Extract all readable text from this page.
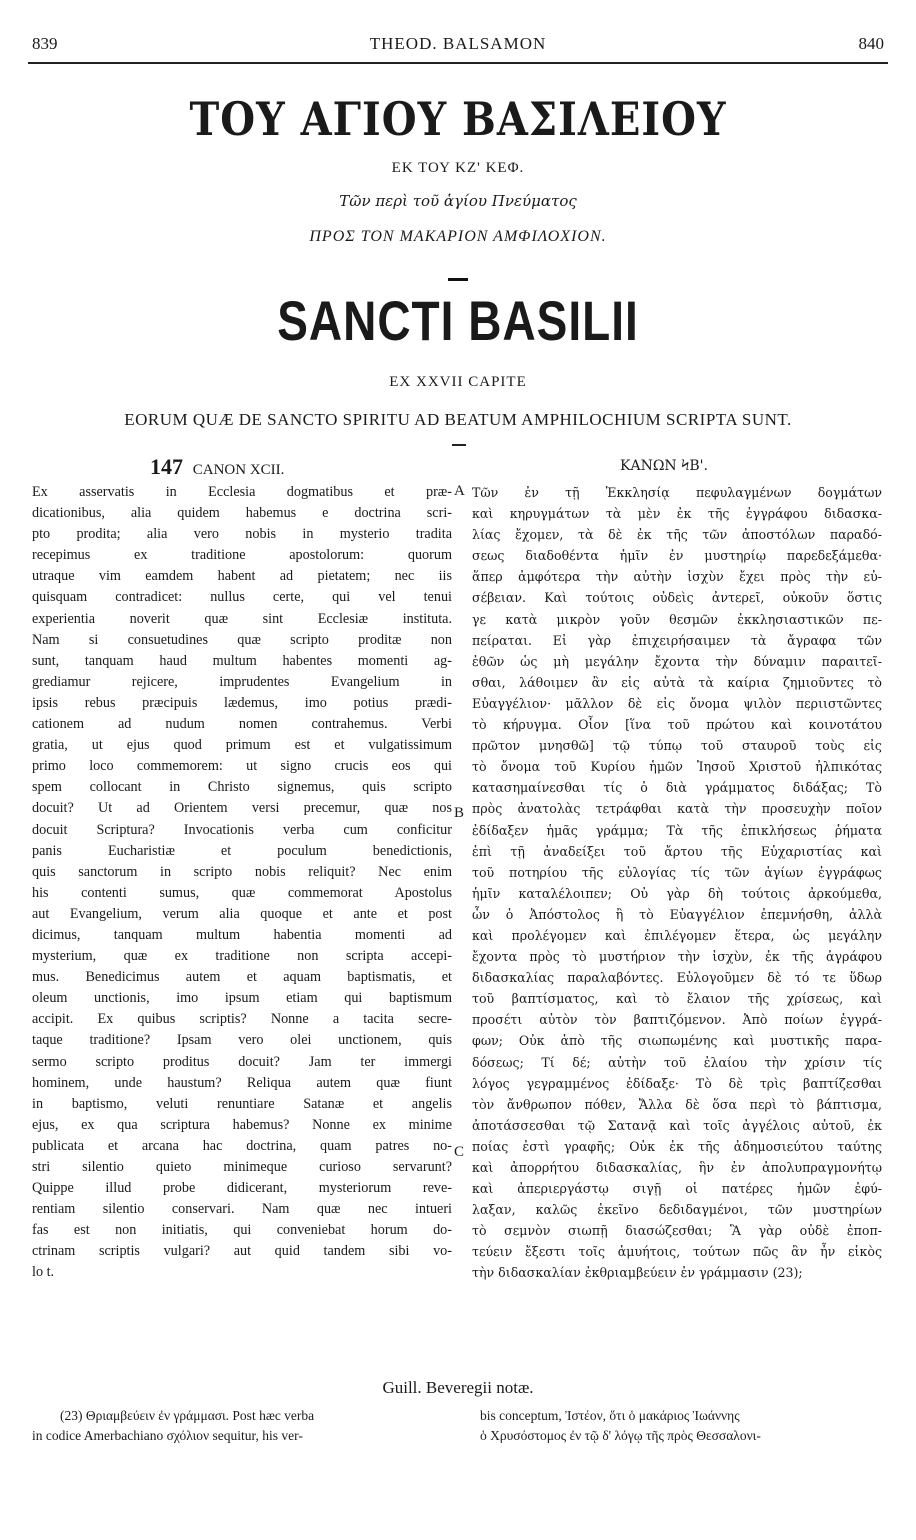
839	THEOD. BALSAMON	840
ΤΟΥ ΑΓΙΟΥ ΒΑΣΙΛΕΙΟΥ
ΕΚ ΤΟΥ ΚΖ' ΚΕΦ.
Τῶν περὶ τοῦ ἁγίου Πνεύματος
ΠΡΟΣ ΤΟΝ ΜΑΚΑΡΙΟΝ ΑΜΦΙΛΟΧΙΟΝ.
SANCTI BASILII
EX XXVII CAPITE
EORUM QUÆ DE SANCTO SPIRITU AD BEATUM AMPHILOCHIUM SCRIPTA SUNT.
147 CANON XCII.	ΚΑΝΩΝ ϞΒ'.
Ex asservatis in Ecclesia dogmatibus et præ-
dicationibus, alia quidem habemus e doctrina scri-
pto prodita; alia vero nobis in mysterio tradita
recepimus ex traditione apostolorum: quorum
utraque vim eamdem habent ad pietatem; nec iis
quisquam contradicet: nullus certe, qui vel tenui
experientia noverit quæ sint Ecclesiæ instituta.
Nam si consuetudines quæ scripto proditæ non
sunt, tanquam haud multum habentes momenti ag-
grediamur rejicere, imprudentes Evangelium in
ipsis rebus præcipuis lædemus, imo potius prædi-
cationem ad nudum nomen contrahemus. Verbi
gratia, ut ejus quod primum est et vulgatissimum
primo loco commemorem: ut signo crucis eos qui
spem collocant in Christo signemus, quis scripto
docuit? Ut ad Orientem versi precemur, quæ nos
docuit Scriptura? Invocationis verba cum conficitur
panis Eucharistiæ et poculum benedictionis,
quis sanctorum in scripto nobis reliquit? Nec enim
his contenti sumus, quæ commemorat Apostolus
aut Evangelium, verum alia quoque et ante et post
dicimus, tanquam multum habentia momenti ad
mysterium, quæ ex traditione non scripta accepi-
mus. Benedicimus autem et aquam baptismatis, et
oleum unctionis, imo ipsum etiam qui baptismum
accipit. Ex quibus scriptis? Nonne a tacita secre-
taque traditione? Ipsam vero olei unctionem, quis
sermo scripto proditus docuit? Jam ter immergi
hominem, unde haustum? Reliqua autem quæ fiunt
in baptismo, veluti renuntiare Satanæ et angelis
ejus, ex qua scriptura habemus? Nonne ex minime
publicata et arcana hac doctrina, quam patres no-
stri silentio quieto minimeque curioso servarunt?
Quippe illud probe didicerant, mysteriorum reve-
rentiam silentio conservari. Nam quæ nec intueri
fas est non initiatis, qui conveniebat horum do-
ctrinam scriptis vulgari? aut quid tandem sibi vo-
lo t.
Τῶν ἐν τῇ Ἐκκλησίᾳ πεφυλαγμένων δογμάτων
καὶ κηρυγμάτων τὰ μὲν ἐκ τῆς ἐγγράφου διδασκα-
λίας ἔχομεν, τὰ δὲ ἐκ τῆς τῶν ἀποστόλων παραδό-
σεως διαδοθέντα ἡμῖν ἐν μυστηρίῳ παρεδεξάμεθα·
ἅπερ ἀμφότερα τὴν αὐτὴν ἰσχὺν ἔχει πρὸς τὴν εὐ-
σέβειαν. Καὶ τούτοις οὐδεὶς ἀντερεῖ, οὐκοῦν ὅστις
γε κατὰ μικρὸν γοῦν θεσμῶν ἐκκλησιαστικῶν πε-
πείραται. Εἰ γὰρ ἐπιχειρήσαιμεν τὰ ἄγραφα τῶν
ἐθῶν ὡς μὴ μεγάλην ἔχοντα τὴν δύναμιν παραιτεῖ-
σθαι, λάθοιμεν ἂν εἰς αὐτὰ τὰ καίρια ζημιοῦντες τὸ
Εὐαγγέλιον· μᾶλλον δὲ εἰς ὄνομα ψιλὸν περιιστῶντες
τὸ κήρυγμα. Οἷον [ἵνα τοῦ πρώτου καὶ κοινοτάτου
πρῶτον μνησθῶ] τῷ τύπῳ τοῦ σταυροῦ τοὺς εἰς
τὸ ὄνομα τοῦ Κυρίου ἡμῶν Ἰησοῦ Χριστοῦ ἠλπικότας
κατασημαίνεσθαι τίς ὁ διὰ γράμματος διδάξας; Τὸ
πρὸς ἀνατολὰς τετράφθαι κατὰ τὴν προσευχὴν ποῖον
ἐδίδαξεν ἡμᾶς γράμμα; Τὰ τῆς ἐπικλήσεως ῥήματα
ἐπὶ τῇ ἀναδείξει τοῦ ἄρτου τῆς Εὐχαριστίας καὶ
τοῦ ποτηρίου τῆς εὐλογίας τίς τῶν ἁγίων ἐγγράφως
ἡμῖν καταλέλοιπεν; Οὐ γὰρ δὴ τούτοις ἀρκούμεθα,
ὧν ὁ Ἀπόστολος ἢ τὸ Εὐαγγέλιον ἐπεμνήσθη, ἀλλὰ
καὶ προλέγομεν καὶ ἐπιλέγομεν ἕτερα, ὡς μεγάλην
ἔχοντα πρὸς τὸ μυστήριον τὴν ἰσχὺν, ἐκ τῆς ἀγράφου
διδασκαλίας παραλαβόντες. Εὐλογοῦμεν δὲ τό τε ὕδωρ
τοῦ βαπτίσματος, καὶ τὸ ἔλαιον τῆς χρίσεως, καὶ
προσέτι αὐτὸν τὸν βαπτιζόμενον. Ἀπὸ ποίων ἐγγρά-
φων; Οὐκ ἀπὸ τῆς σιωπωμένης καὶ μυστικῆς παρα-
δόσεως; Τί δέ; αὐτὴν τοῦ ἐλαίου τὴν χρίσιν τίς
λόγος γεγραμμένος ἐδίδαξε· Τὸ δὲ τρὶς βαπτίζεσθαι
τὸν ἄνθρωπον πόθεν, Ἄλλα δὲ ὅσα περὶ τὸ βάπτισμα,
ἀποτάσσεσθαι τῷ Σατανᾷ καὶ τοῖς ἀγγέλοις αὐτοῦ, ἐκ
ποίας ἐστὶ γραφῆς; Οὐκ ἐκ τῆς ἀδημοσιεύτου ταύτης
καὶ ἀπορρήτου διδασκαλίας, ἣν ἐν ἀπολυπραγμονήτῳ
καὶ ἀπεριεργάστῳ σιγῇ οἱ πατέρες ἡμῶν ἐφύ-
λαξαν, καλῶς ἐκεῖνο δεδιδαγμένοι, τῶν μυστηρίων
τὸ σεμνὸν σιωπῇ διασώζεσθαι; Ἃ γὰρ οὐδὲ ἐποπ-
τεύειν ἔξεστι τοῖς ἀμυήτοις, τούτων πῶς ἂν ἦν εἰκὸς
τὴν διδασκαλίαν ἐκθριαμβεύειν ἐν γράμμασιν (23);
A
B
C
Guill. Beveregii notæ.
(23) Θριαμβεύειν ἐν γράμμασι. Post hæc verba
in codice Amerbachiano σχόλιον sequitur, his ver-
bis conceptum, Ἰστέον, ὅτι ὁ μακάριος Ἰωάννης
ὁ Χρυσόστομος ἐν τῷ δ' λόγῳ τῆς πρὸς Θεσσαλονι-
